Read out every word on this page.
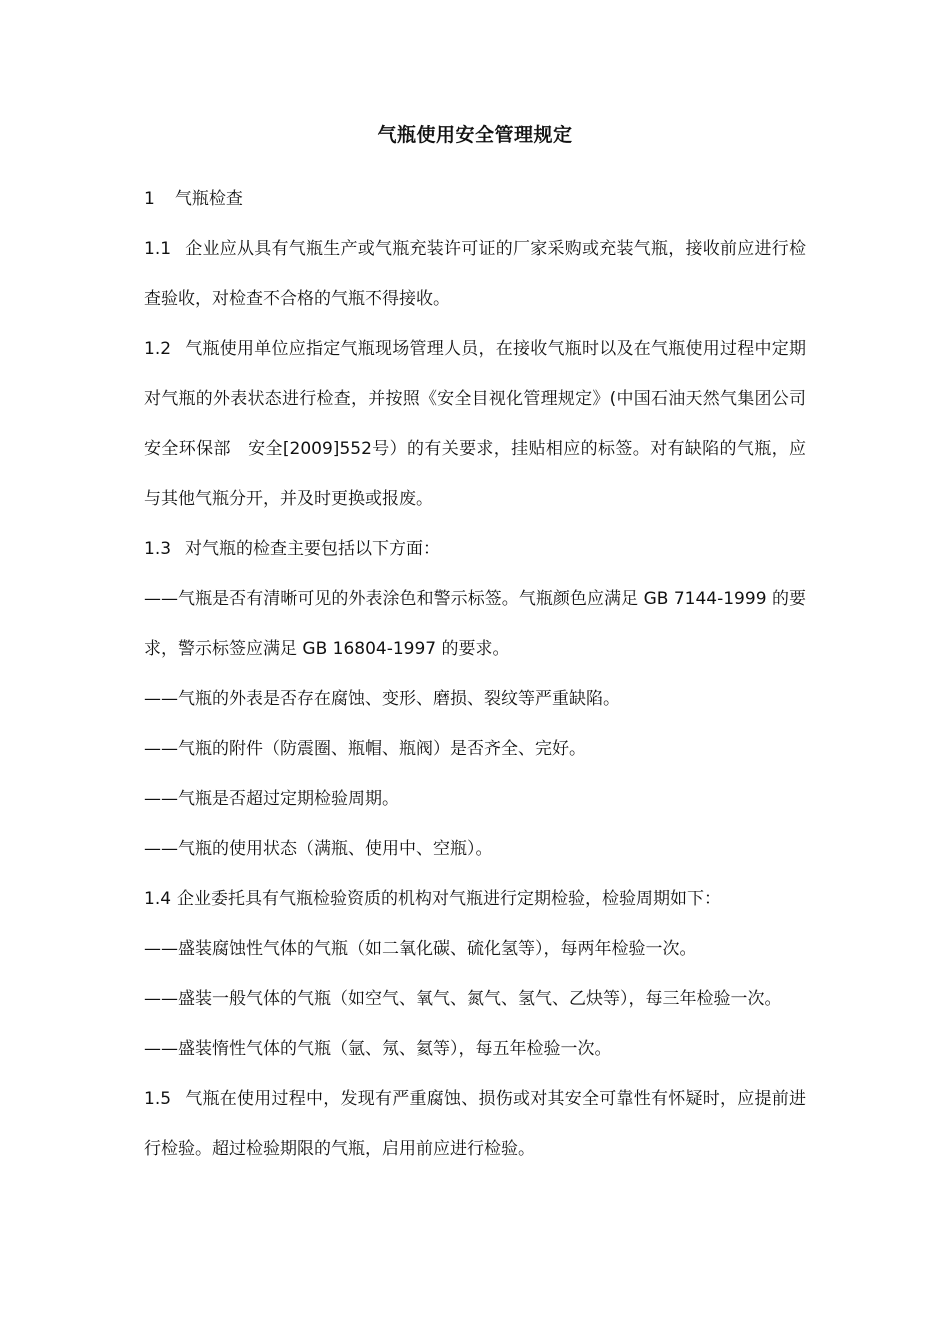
气瓶使用安全管理规定

1 气瓶检查

1.1 企业应从具有气瓶生产或气瓶充装许可证的厂家采购或充装气瓶，接收前应进行检查验收，对检查不合格的气瓶不得接收。

1.2 气瓶使用单位应指定气瓶现场管理人员，在接收气瓶时以及在气瓶使用过程中定期对气瓶的外表状态进行检查，并按照《安全目视化管理规定》(中国石油天然气集团公司安全环保部　安全[2009]552号）的有关要求，挂贴相应的标签。对有缺陷的气瓶，应与其他气瓶分开，并及时更换或报废。

1.3 对气瓶的检查主要包括以下方面：

——气瓶是否有清晰可见的外表涂色和警示标签。气瓶颜色应满足 GB 7144-1999 的要求，警示标签应满足 GB 16804-1997 的要求。

——气瓶的外表是否存在腐蚀、变形、磨损、裂纹等严重缺陷。

——气瓶的附件（防震圈、瓶帽、瓶阀）是否齐全、完好。

——气瓶是否超过定期检验周期。

——气瓶的使用状态（满瓶、使用中、空瓶）。

1.4 企业委托具有气瓶检验资质的机构对气瓶进行定期检验，检验周期如下：

——盛装腐蚀性气体的气瓶（如二氧化碳、硫化氢等），每两年检验一次。

——盛装一般气体的气瓶（如空气、氧气、氮气、氢气、乙炔等），每三年检验一次。

——盛装惰性气体的气瓶（氩、氖、氦等），每五年检验一次。

1.5 气瓶在使用过程中，发现有严重腐蚀、损伤或对其安全可靠性有怀疑时，应提前进行检验。超过检验期限的气瓶，启用前应进行检验。
